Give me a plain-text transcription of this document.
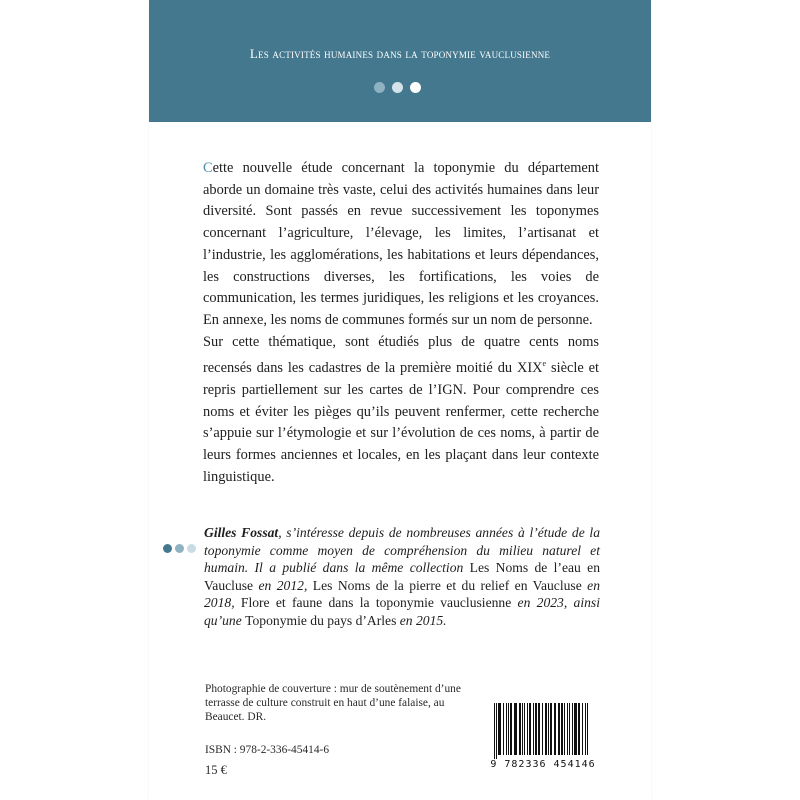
Les activités humaines dans la toponymie vauclusienne

Cette nouvelle étude concernant la toponymie du département aborde un domaine très vaste, celui des activités humaines dans leur diversité. Sont passés en revue successivement les toponymes concernant l’agriculture, l’élevage, les limites, l’artisanat et l’industrie, les agglomérations, les habitations et leurs dépendances, les constructions diverses, les fortifications, les voies de communication, les termes juridiques, les religions et les croyances. En annexe, les noms de communes formés sur un nom de personne.

Sur cette thématique, sont étudiés plus de quatre cents noms recensés dans les cadastres de la première moitié du XIXe siècle et repris partiellement sur les cartes de l’IGN. Pour comprendre ces noms et éviter les pièges qu’ils peuvent renfermer, cette recherche s’appuie sur l’étymologie et sur l’évolution de ces noms, à partir de leurs formes anciennes et locales, en les plaçant dans leur contexte linguistique.

Gilles Fossat, s’intéresse depuis de nombreuses années à l’étude de la toponymie comme moyen de compréhension du milieu naturel et humain. Il a publié dans la même collection Les Noms de l’eau en Vaucluse en 2012, Les Noms de la pierre et du relief en Vaucluse en 2018, Flore et faune dans la toponymie vauclusienne en 2023, ainsi qu’une Toponymie du pays d’Arles en 2015.
Photographie de couverture : mur de soutènement d’une terrasse de culture construit en haut d’une falaise, au Beaucet. DR.
ISBN : 978-2-336-45414-6
15 €	9 782336 454146
